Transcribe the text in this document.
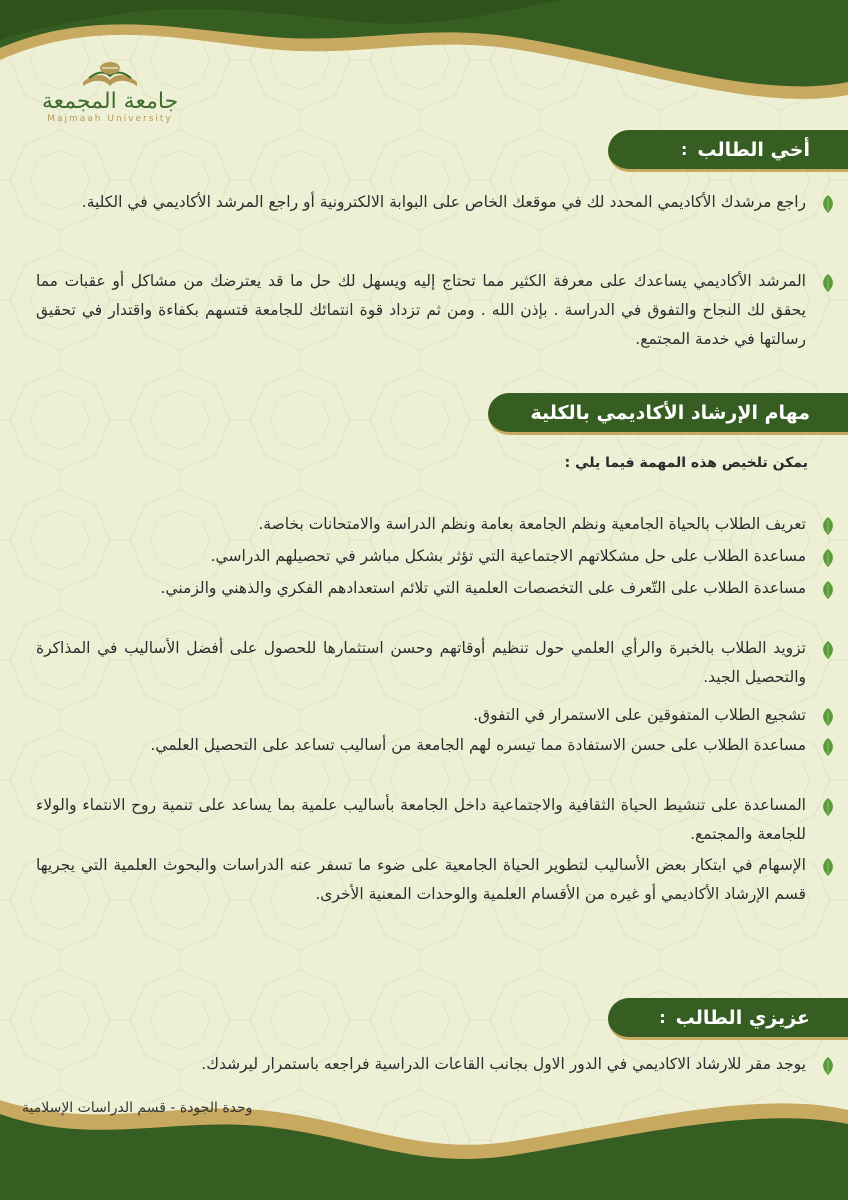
جامعة المجمعة
Majmaah University
أخي الطالب
:
راجع مرشدك الأكاديمي المحدد لك في موقعك الخاص على البوابة الالكترونية أو راجع المرشد الأكاديمي في الكلية.
المرشد الأكاديمي يساعدك على معرفة الكثير مما تحتاج إليه ويسهل لك حل ما قد يعترضك من مشاكل أو عقبات مما يحقق لك النجاح والتفوق في الدراسة . بإذن الله . ومن ثم تزداد قوة انتمائك للجامعة فتسهم بكفاءة واقتدار في تحقيق رسالتها في خدمة المجتمع.
مهام الإرشاد الأكاديمي بالكلية
يمكن تلخيص هذه المهمة فيما يلي :
تعريف الطلاب بالحياة الجامعية ونظم الجامعة بعامة ونظم الدراسة والامتحانات بخاصة.
مساعدة الطلاب على حل مشكلاتهم الاجتماعية التي تؤثر بشكل مباشر في تحصيلهم الدراسي.
مساعدة الطلاب على التّعرف على التخصصات العلمية التي تلائم استعدادهم الفكري والذهني والزمني.
تزويد الطلاب بالخبرة والرأي العلمي حول تنظيم أوقاتهم وحسن استثمارها للحصول على أفضل الأساليب في المذاكرة والتحصيل الجيد.
تشجيع الطلاب المتفوقين على الاستمرار في التفوق.
مساعدة الطلاب على حسن الاستفادة مما تيسره لهم الجامعة من أساليب تساعد على التحصيل العلمي.
المساعدة على تنشيط الحياة الثقافية والاجتماعية داخل الجامعة بأساليب علمية بما يساعد على تنمية روح الانتماء والولاء للجامعة والمجتمع.
الإسهام في ابتكار بعض الأساليب لتطوير الحياة الجامعية على ضوء ما تسفر عنه الدراسات والبحوث العلمية التي يجريها قسم الإرشاد الأكاديمي أو غيره من الأقسام العلمية والوحدات المعنية الأخرى.
عزيزي الطالب
:
يوجد مقر للارشاد الاكاديمي في الدور الاول بجانب القاعات الدراسية فراجعه باستمرار ليرشدك.
وحدة الجودة - قسم الدراسات الإسلامية
